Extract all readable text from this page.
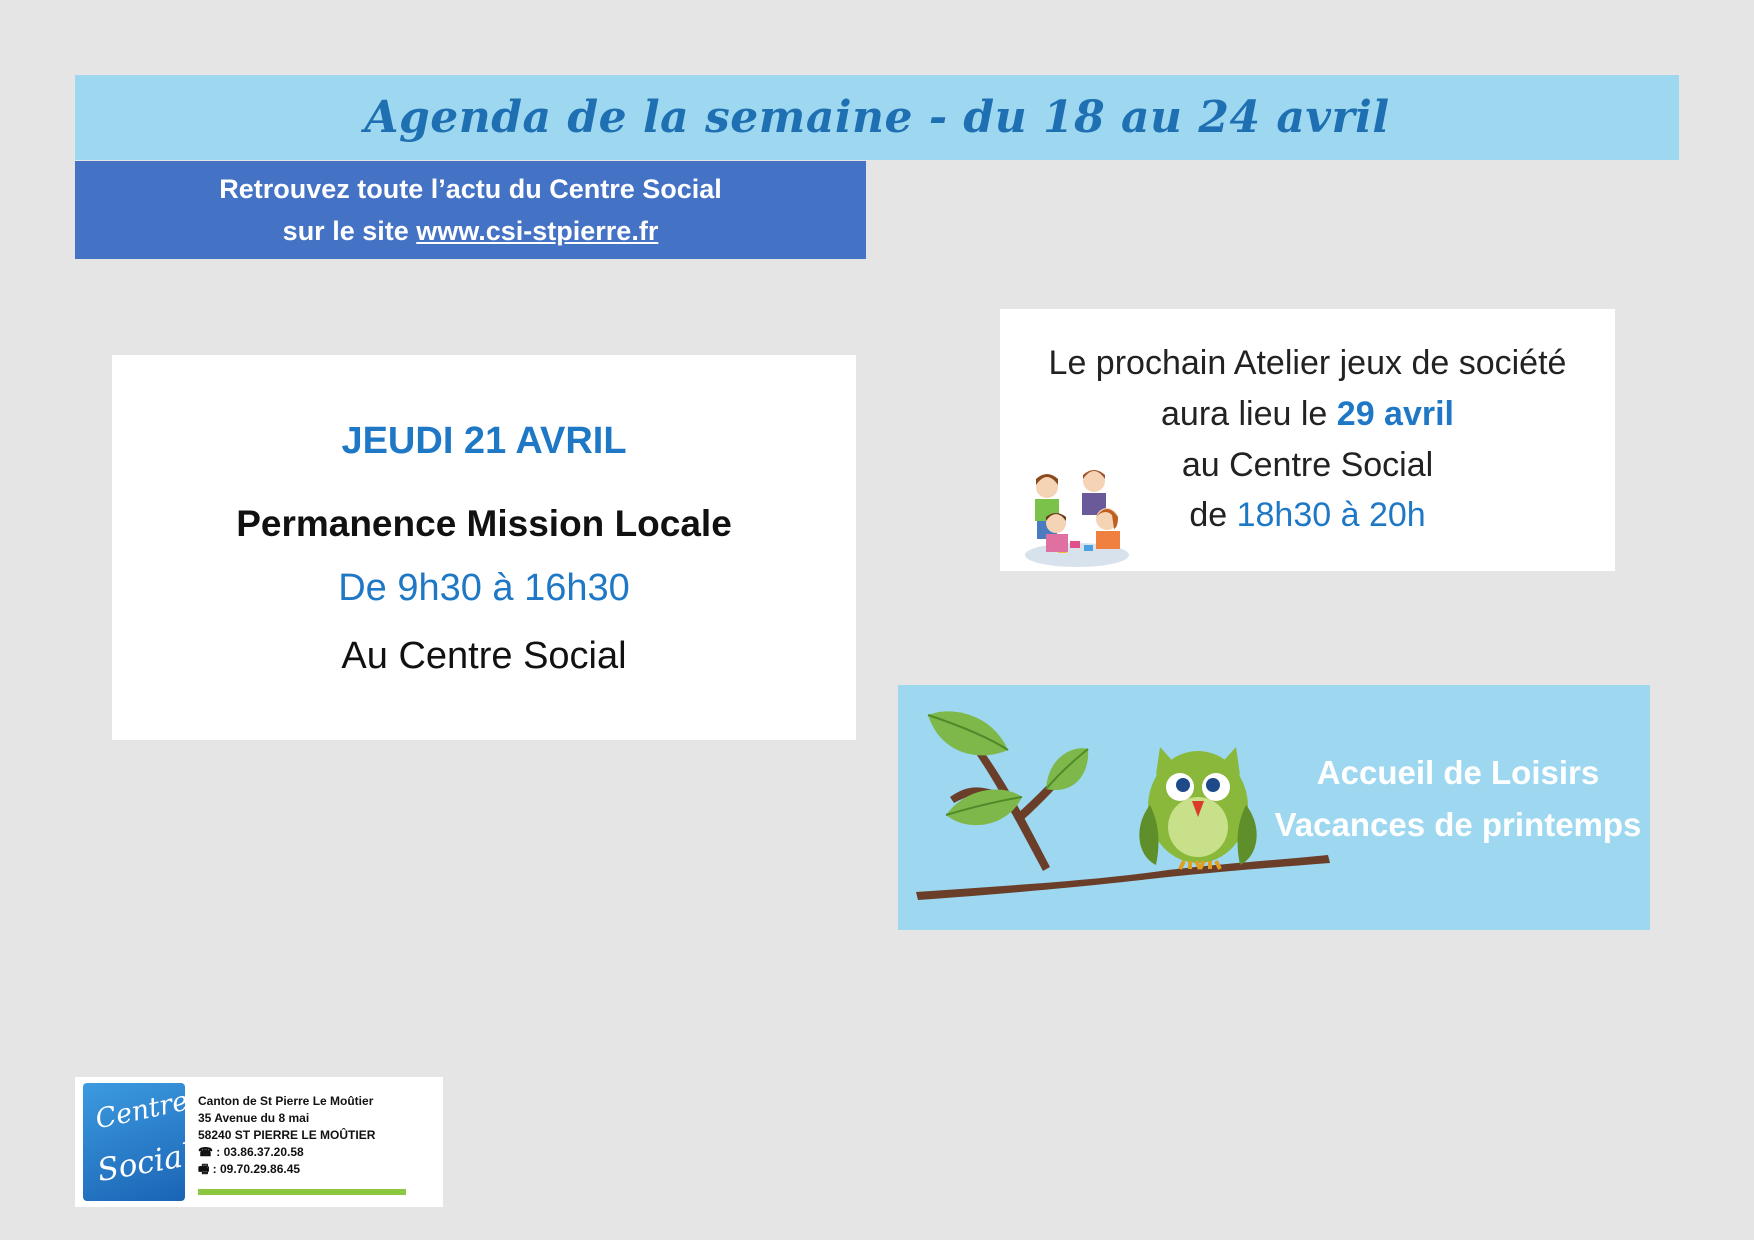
Agenda de la semaine - du 18 au 24 avril
Retrouvez toute l’actu du Centre Social
sur le site www.csi-stpierre.fr
JEUDI 21 AVRIL
Permanence Mission Locale
De 9h30 à 16h30
Au Centre Social
Le prochain Atelier jeux de société
aura lieu le 29 avril
au Centre Social
de 18h30 à 20h
Accueil de Loisirs
Vacances de printemps
Centre
Social
Canton de St Pierre Le Moûtier
35 Avenue du 8 mai
58240 ST PIERRE LE MOÛTIER
☎ : 03.86.37.20.58
🖷 : 09.70.29.86.45
